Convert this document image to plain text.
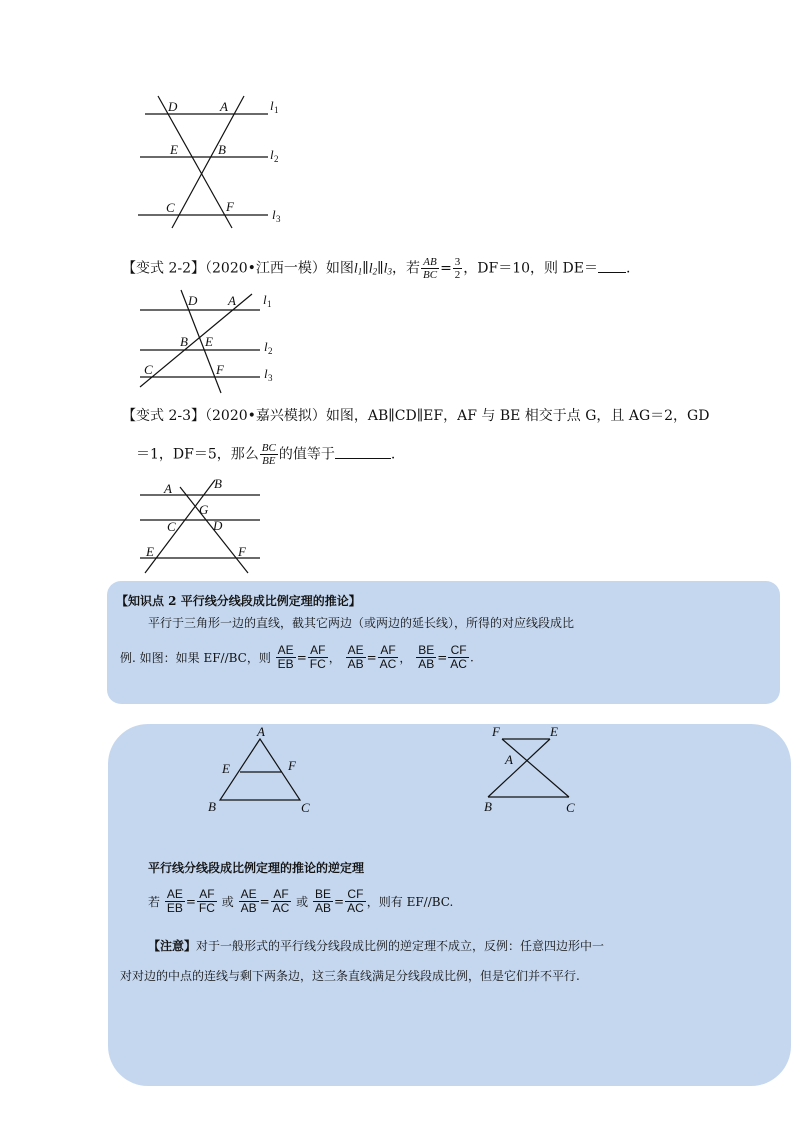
D	A
E	B
C	F
l 1
l 2
l 3
【变式 2-2】（2020•江西一模）如图$l_1\parallel l_2\parallel l_3$，若 $\frac{AB}{BC} = \frac{3}{2}$ ，DF＝10，则 DE＝ .
D A
B E
C	F
l 1
l 2
l 3
【变式 2-3】（2020•嘉兴模拟）如图，AB∥CD∥EF，AF 与 BE 相交于点 G，且 AG＝2，GD
＝1，DF＝5，那么 $\frac{BC}{BE}$ 的值等于	.
A	B
G
C	D
E	F
【知识点 2 平行线分线段成比例定理的推论】
平行于三角形一边的直线，截其它两边（或两边的延长线），所得的对应线段成比
例. 如图：如果 EF//BC，则 $\frac{AE}{EB} = \frac{AF}{FC}$ ， $\frac{AE}{AB} = \frac{AF}{AC}$ ， $\frac{BE}{AB} = \frac{CF}{AC}$ .
A
E	F
B	C
F	E
A
B	C
平行线分线段成比例定理的推论的逆定理
若 $\frac{AE}{EB} = \frac{AF}{FC}$ 或 $\frac{AE}{AB} = \frac{AF}{AC}$ 或 $\frac{BE}{AB} = \frac{CF}{AC}$ ，则有 EF//BC.
【注意】对于一般形式的平行线分线段成比例的逆定理不成立，反例：任意四边形中一
对对边的中点的连线与剩下两条边，这三条直线满足分线段成比例，但是它们并不平行.
